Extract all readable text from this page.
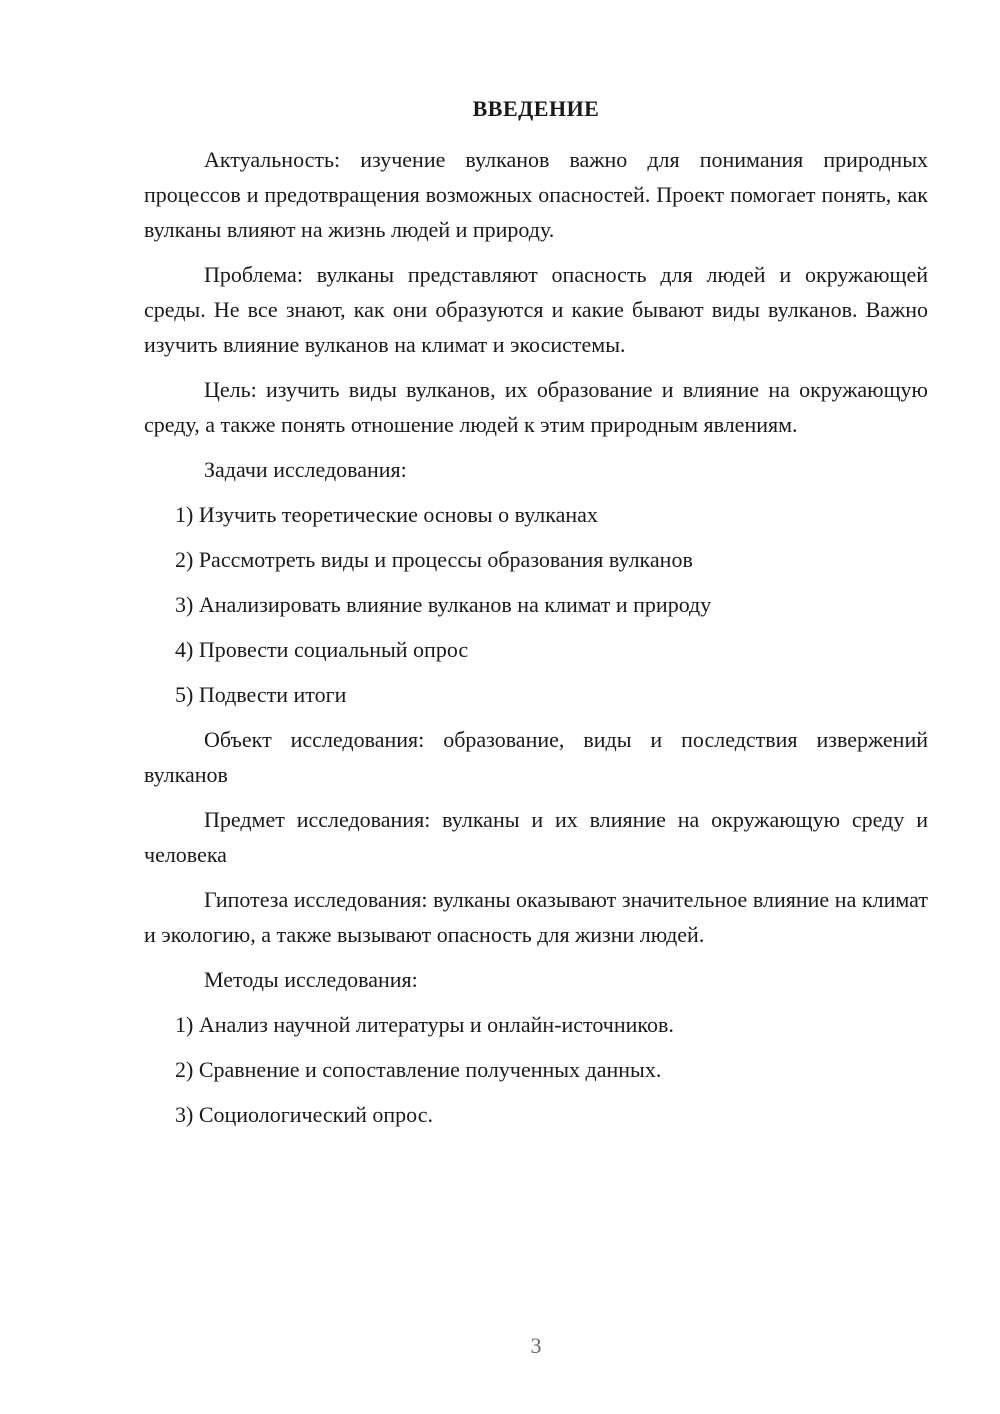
ВВЕДЕНИЕ

Актуальность: изучение вулканов важно для понимания природных процессов и предотвращения возможных опасностей. Проект помогает понять, как вулканы влияют на жизнь людей и природу.

Проблема: вулканы представляют опасность для людей и окружающей среды. Не все знают, как они образуются и какие бывают виды вулканов. Важно изучить влияние вулканов на климат и экосистемы.

Цель: изучить виды вулканов, их образование и влияние на окружающую среду, а также понять отношение людей к этим природным явлениям.

Задачи исследования:

1) Изучить теоретические основы о вулканах
2) Рассмотреть виды и процессы образования вулканов
3) Анализировать влияние вулканов на климат и природу
4) Провести социальный опрос
5) Подвести итоги

Объект исследования: образование, виды и последствия извержений вулканов

Предмет исследования: вулканы и их влияние на окружающую среду и человека

Гипотеза исследования: вулканы оказывают значительное влияние на климат и экологию, а также вызывают опасность для жизни людей.

Методы исследования:

1) Анализ научной литературы и онлайн-источников.
2) Сравнение и сопоставление полученных данных.
3) Социологический опрос.
3
